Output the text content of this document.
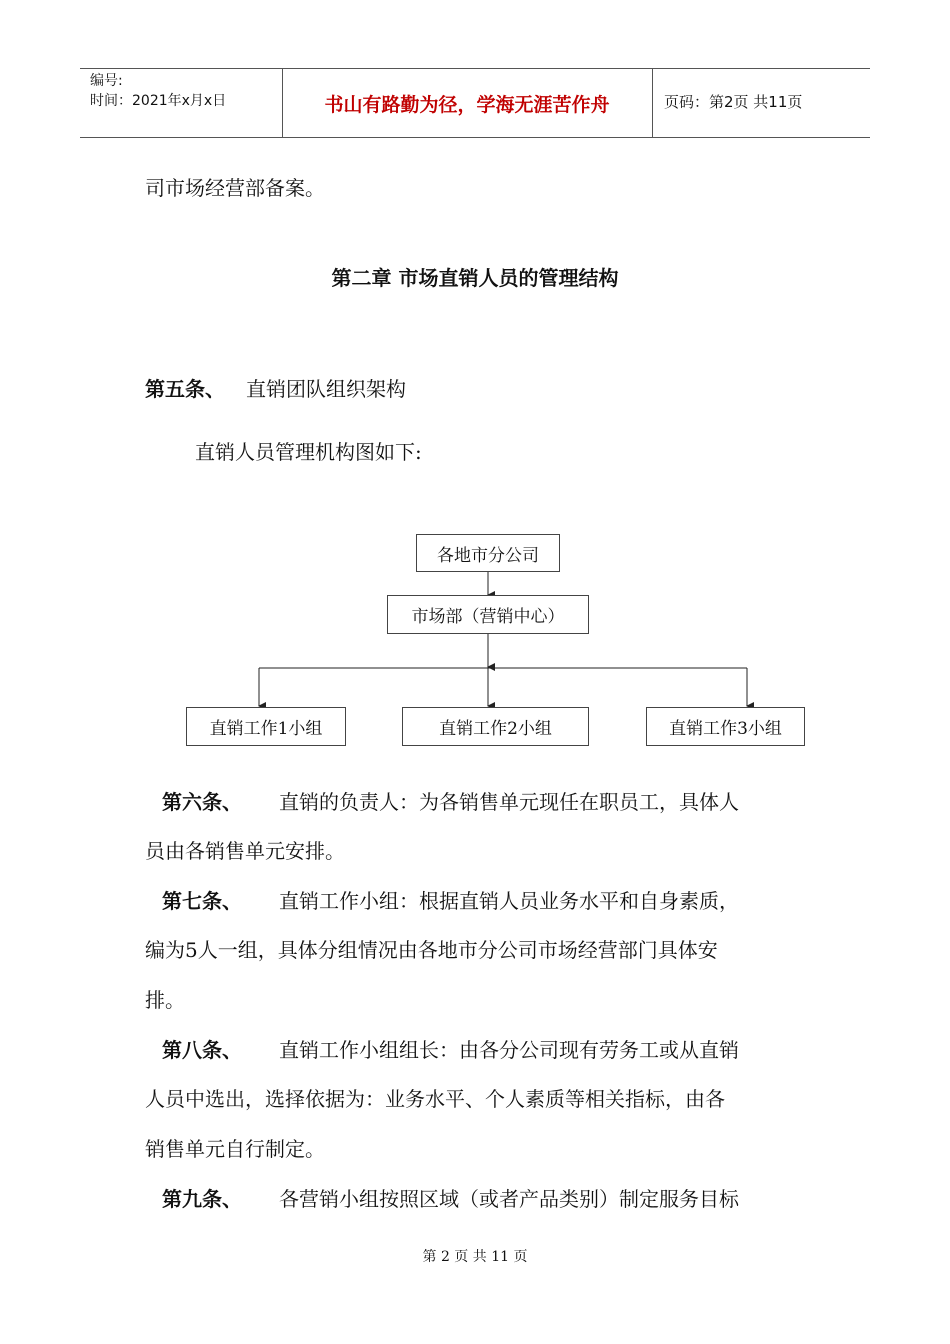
编号:
时间：2021年x月x日	书山有路勤为径，学海无涯苦作舟	页码：第2页 共11页
司市场经营部备案。
第二章 市场直销人员的管理结构
第五条、 直销团队组织架构
直销人员管理机构图如下:
各地市分公司
市场部（营销中心）
直销工作1小组	直销工作2小组	直销工作3小组
第六条、 直销的负责人：为各销售单元现任在职员工，具体人
员由各销售单元安排。
第七条、 直销工作小组：根据直销人员业务水平和自身素质，
编为5人一组，具体分组情况由各地市分公司市场经营部门具体安
排。
第八条、 直销工作小组组长：由各分公司现有劳务工或从直销
人员中选出，选择依据为：业务水平、个人素质等相关指标，由各
销售单元自行制定。
第九条、 各营销小组按照区域（或者产品类别）制定服务目标
第 2 页 共 11 页
